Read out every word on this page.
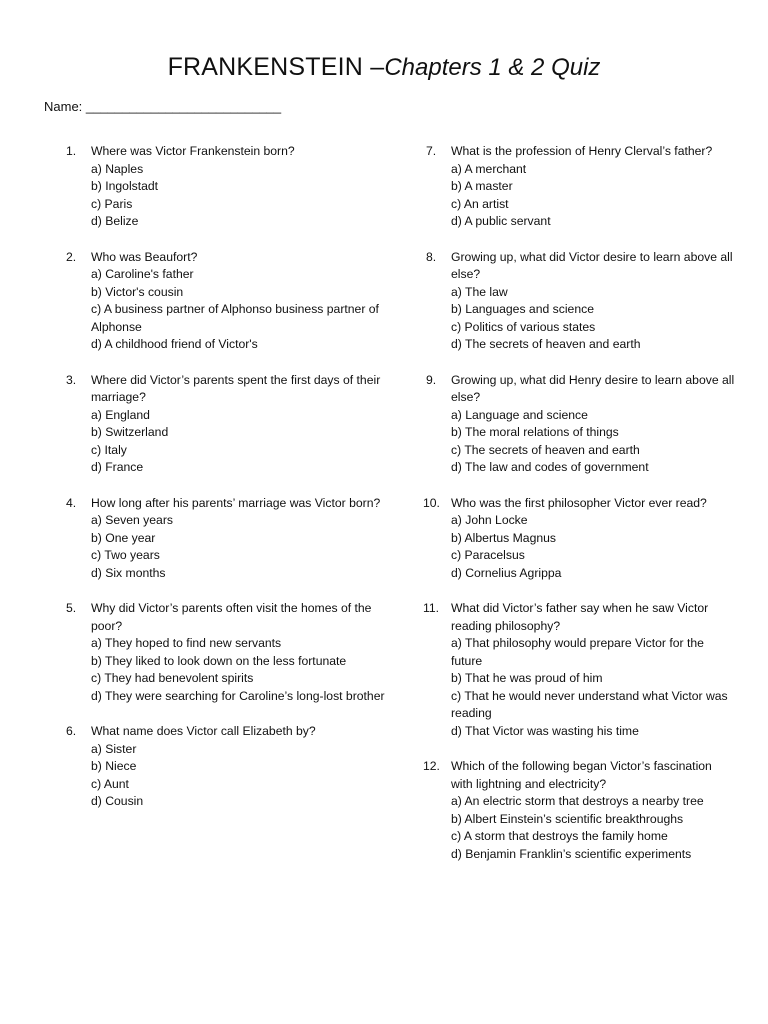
FRANKENSTEIN –Chapters 1 & 2 Quiz
Name: ___________________________
1. Where was Victor Frankenstein born?
a) Naples
b) Ingolstadt
c) Paris
d) Belize
2. Who was Beaufort?
a) Caroline's father
b) Victor's cousin
c) A business partner of Alphonso business partner of Alphonse
d) A childhood friend of Victor's
3. Where did Victor’s parents spent the first days of their marriage?
a) England
b) Switzerland
c) Italy
d) France
4. How long after his parents’ marriage was Victor born?
a) Seven years
b) One year
c) Two years
d) Six months
5. Why did Victor’s parents often visit the homes of the poor?
a) They hoped to find new servants
b) They liked to look down on the less fortunate
c) They had benevolent spirits
d) They were searching for Caroline’s long-lost brother
6. What name does Victor call Elizabeth by?
a) Sister
b) Niece
c) Aunt
d) Cousin
7. What is the profession of Henry Clerval’s father?
a) A merchant
b) A master
c) An artist
d) A public servant
8. Growing up, what did Victor desire to learn above all else?
a) The law
b) Languages and science
c) Politics of various states
d) The secrets of heaven and earth
9. Growing up, what did Henry desire to learn above all else?
a) Language and science
b) The moral relations of things
c) The secrets of heaven and earth
d) The law and codes of government
10. Who was the first philosopher Victor ever read?
a) John Locke
b) Albertus Magnus
c) Paracelsus
d) Cornelius Agrippa
11. What did Victor’s father say when he saw Victor reading philosophy?
a) That philosophy would prepare Victor for the future
b) That he was proud of him
c) That he would never understand what Victor was reading
d) That Victor was wasting his time
12. Which of the following began Victor’s fascination with lightning and electricity?
a) An electric storm that destroys a nearby tree
b) Albert Einstein’s scientific breakthroughs
c) A storm that destroys the family home
d) Benjamin Franklin’s scientific experiments
